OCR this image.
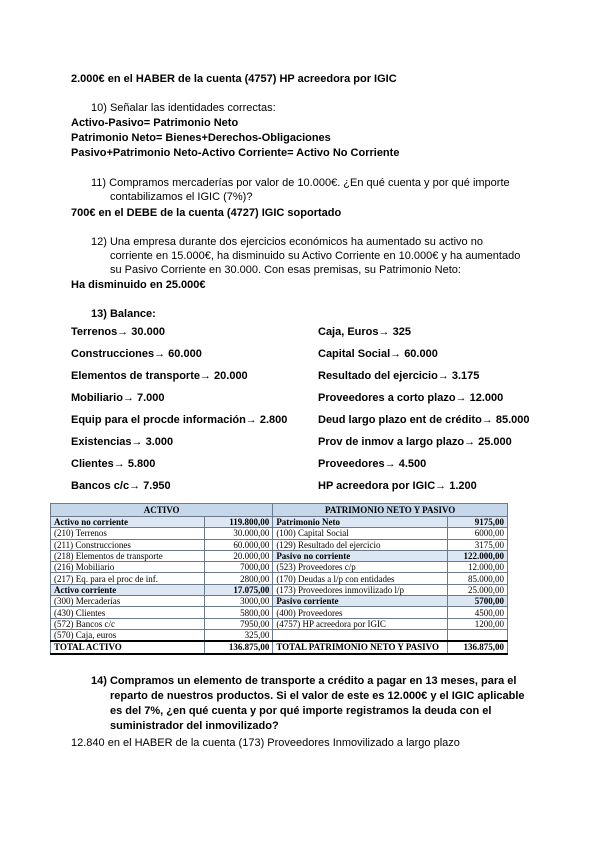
2.000€ en el HABER de la cuenta (4757) HP acreedora por IGIC
10) Señalar las identidades correctas:
Activo-Pasivo= Patrimonio Neto
Patrimonio Neto= Bienes+Derechos-Obligaciones
Pasivo+Patrimonio Neto-Activo Corriente= Activo No Corriente
11) Compramos mercaderías por valor de 10.000€. ¿En qué cuenta y por qué importe
contabilizamos el IGIC (7%)?
700€ en el DEBE de la cuenta (4727) IGIC soportado
12) Una empresa durante dos ejercicios económicos ha aumentado su activo no
corriente en 15.000€, ha disminuido su Activo Corriente en 10.000€ y ha aumentado
su Pasivo Corriente en 30.000. Con esas premisas, su Patrimonio Neto:
Ha disminuido en 25.000€
13) Balance:
Terrenos→ 30.000
Construcciones→ 60.000
Elementos de transporte→ 20.000
Mobiliario→ 7.000
Equip para el procde información→ 2.800
Existencias→ 3.000
Clientes→ 5.800
Bancos c/c→ 7.950
Caja, Euros→ 325
Capital Social→ 60.000
Resultado del ejercicio→ 3.175
Proveedores a corto plazo→ 12.000
Deud largo plazo ent de crédito→ 85.000
Prov de inmov a largo plazo→ 25.000
Proveedores→ 4.500
HP acreedora por IGIC→ 1.200
ACTIVO		PATRIMONIO NETO Y PASIVO	
Activo no corriente	119.800,00	Patrimonio Neto	9175,00
(210) Terrenos	30.000,00	(100) Capital Social	6000,00
(211) Construcciones	60.000,00	(129) Resultado del ejercicio	3175,00
(218) Elementos de transporte	20.000,00	Pasivo no corriente	122.000,00
(216) Mobiliario	7000,00	(523) Proveedores c/p	12.000,00
(217) Eq. para el proc de inf.	2800,00	(170) Deudas a l/p con entidades	85.000,00
Activo corriente	17.075,00	(173) Proveedores inmovilizado l/p	25.000,00
(300) Mercaderías	3000,00	Pasivo corriente	5700,00
(430) Clientes	5800,00	(400) Proveedores	4500,00
(572) Bancos c/c	7950,00	(4757) HP acreedora por IGIC	1200,00
(570) Caja, euros	325,00		
TOTAL ACTIVO	136.875,00	TOTAL PATRIMONIO NETO Y PASIVO	136.875,00
14) Compramos un elemento de transporte a crédito a pagar en 13 meses, para el
reparto de nuestros productos. Si el valor de este es 12.000€ y el IGIC aplicable
es del 7%, ¿en qué cuenta y por qué importe registramos la deuda con el
suministrador del inmovilizado?
12.840 en el HABER de la cuenta (173) Proveedores Inmovilizado a largo plazo
